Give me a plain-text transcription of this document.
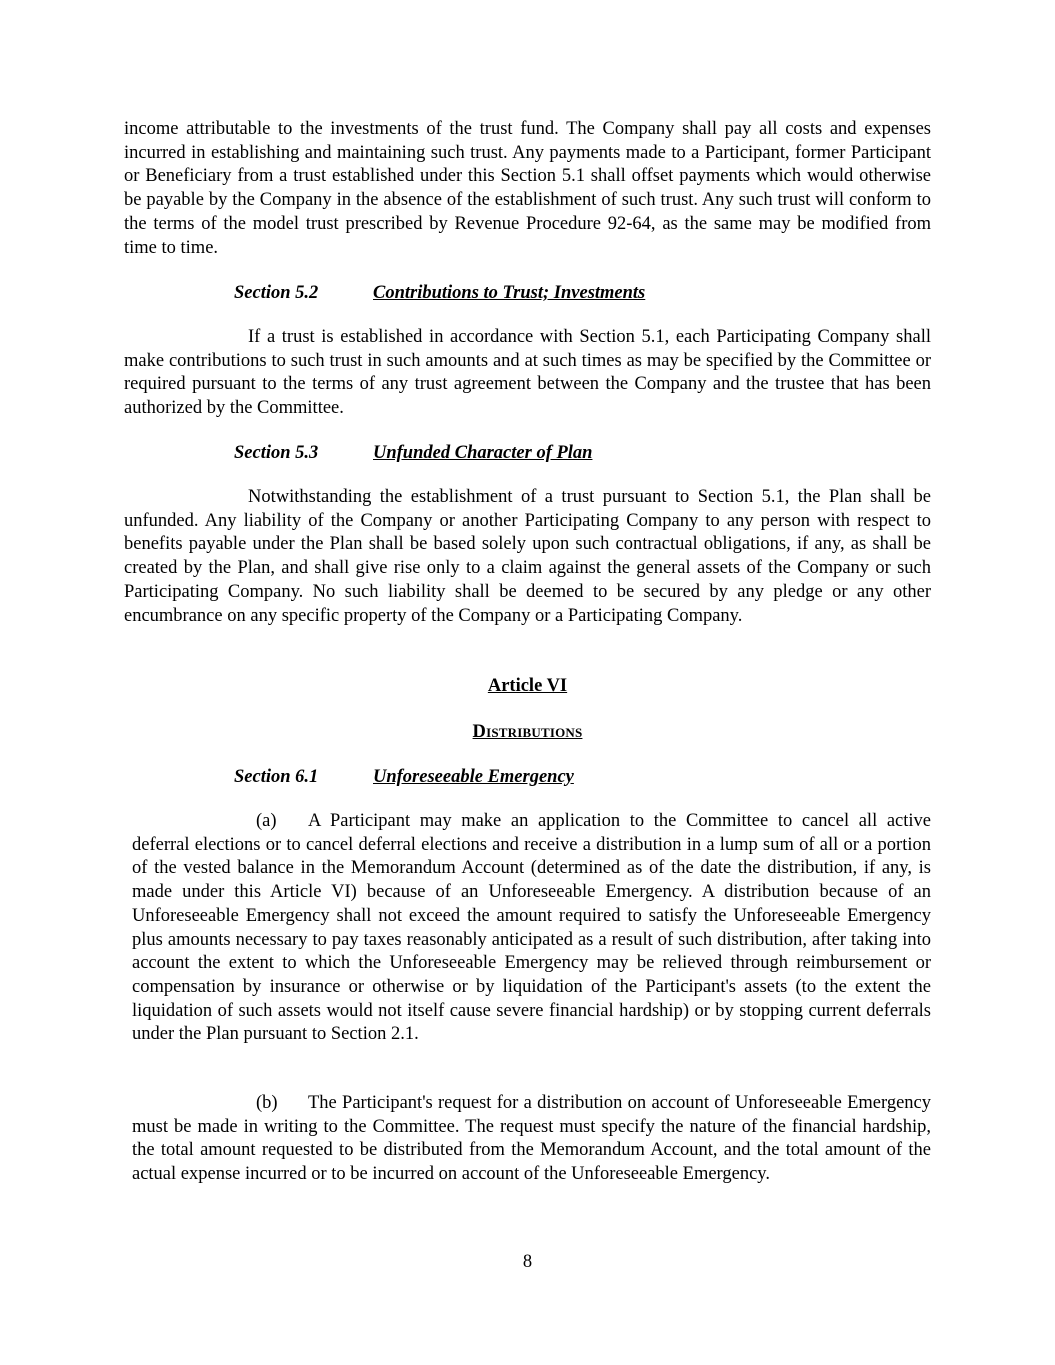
income attributable to the investments of the trust fund. The Company shall pay all costs and expenses incurred in establishing and maintaining such trust. Any payments made to a Participant, former Participant or Beneficiary from a trust established under this Section 5.1 shall offset payments which would otherwise be payable by the Company in the absence of the establishment of such trust. Any such trust will conform to the terms of the model trust prescribed by Revenue Procedure 92-64, as the same may be modified from time to time.

Section 5.2	Contributions to Trust; Investments

If a trust is established in accordance with Section 5.1, each Participating Company shall make contributions to such trust in such amounts and at such times as may be specified by the Committee or required pursuant to the terms of any trust agreement between the Company and the trustee that has been authorized by the Committee.

Section 5.3	Unfunded Character of Plan

Notwithstanding the establishment of a trust pursuant to Section 5.1, the Plan shall be unfunded. Any liability of the Company or another Participating Company to any person with respect to benefits payable under the Plan shall be based solely upon such contractual obligations, if any, as shall be created by the Plan, and shall give rise only to a claim against the general assets of the Company or such Participating Company. No such liability shall be deemed to be secured by any pledge or any other encumbrance on any specific property of the Company or a Participating Company.

Article VI
Distributions
Section 6.1	Unforeseeable Emergency

(a) A Participant may make an application to the Committee to cancel all active deferral elections or to cancel deferral elections and receive a distribution in a lump sum of all or a portion of the vested balance in the Memorandum Account (determined as of the date the distribution, if any, is made under this Article VI) because of an Unforeseeable Emergency. A distribution because of an Unforeseeable Emergency shall not exceed the amount required to satisfy the Unforeseeable Emergency plus amounts necessary to pay taxes reasonably anticipated as a result of such distribution, after taking into account the extent to which the Unforeseeable Emergency may be relieved through reimbursement or compensation by insurance or otherwise or by liquidation of the Participant's assets (to the extent the liquidation of such assets would not itself cause severe financial hardship) or by stopping current deferrals under the Plan pursuant to Section 2.1.

(b) The Participant's request for a distribution on account of Unforeseeable Emergency must be made in writing to the Committee. The request must specify the nature of the financial hardship, the total amount requested to be distributed from the Memorandum Account, and the total amount of the actual expense incurred or to be incurred on account of the Unforeseeable Emergency.

8
